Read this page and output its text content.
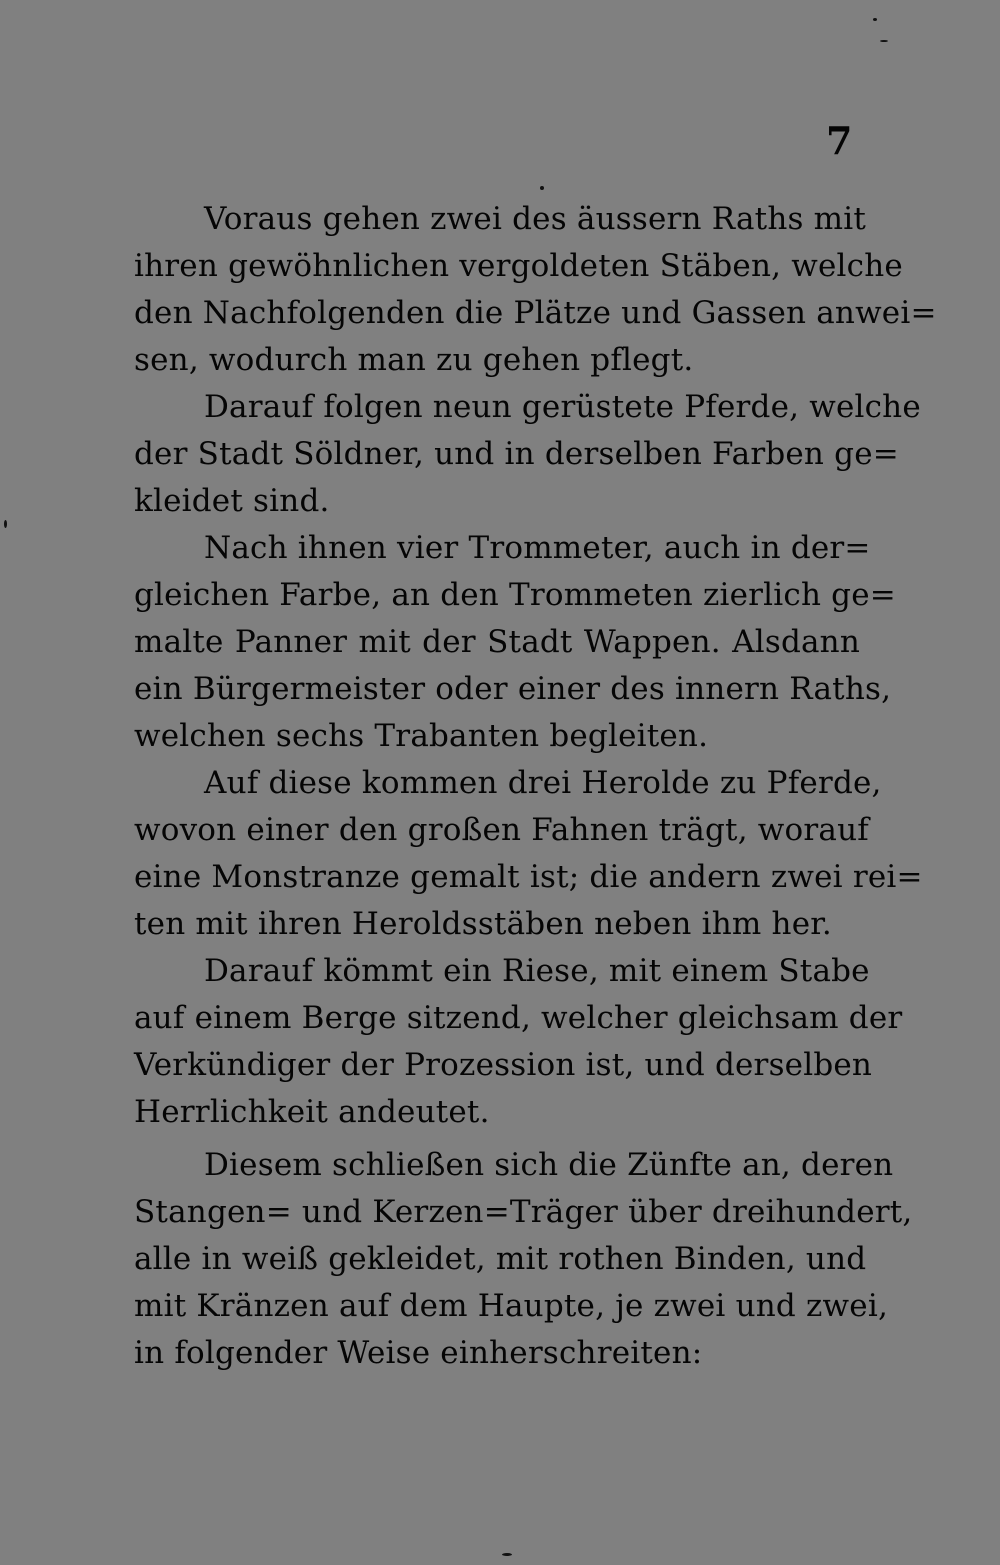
7
Voraus gehen zwei des äussern Raths mit
ihren gewöhnlichen vergoldeten Stäben, welche
den Nachfolgenden die Plätze und Gassen anwei=
sen, wodurch man zu gehen pflegt.
Darauf folgen neun gerüstete Pferde, welche
der Stadt Söldner, und in derselben Farben ge=
kleidet sind.
Nach ihnen vier Trommeter, auch in der=
gleichen Farbe, an den Trommeten zierlich ge=
malte Panner mit der Stadt Wappen. Alsdann
ein Bürgermeister oder einer des innern Raths,
welchen sechs Trabanten begleiten.
Auf diese kommen drei Herolde zu Pferde,
wovon einer den großen Fahnen trägt, worauf
eine Monstranze gemalt ist; die andern zwei rei=
ten mit ihren Heroldsstäben neben ihm her.
Darauf kömmt ein Riese, mit einem Stabe
auf einem Berge sitzend, welcher gleichsam der
Verkündiger der Prozession ist, und derselben
Herrlichkeit andeutet.
Diesem schließen sich die Zünfte an, deren
Stangen= und Kerzen=Träger über dreihundert,
alle in weiß gekleidet, mit rothen Binden, und
mit Kränzen auf dem Haupte, je zwei und zwei,
in folgender Weise einherschreiten:
